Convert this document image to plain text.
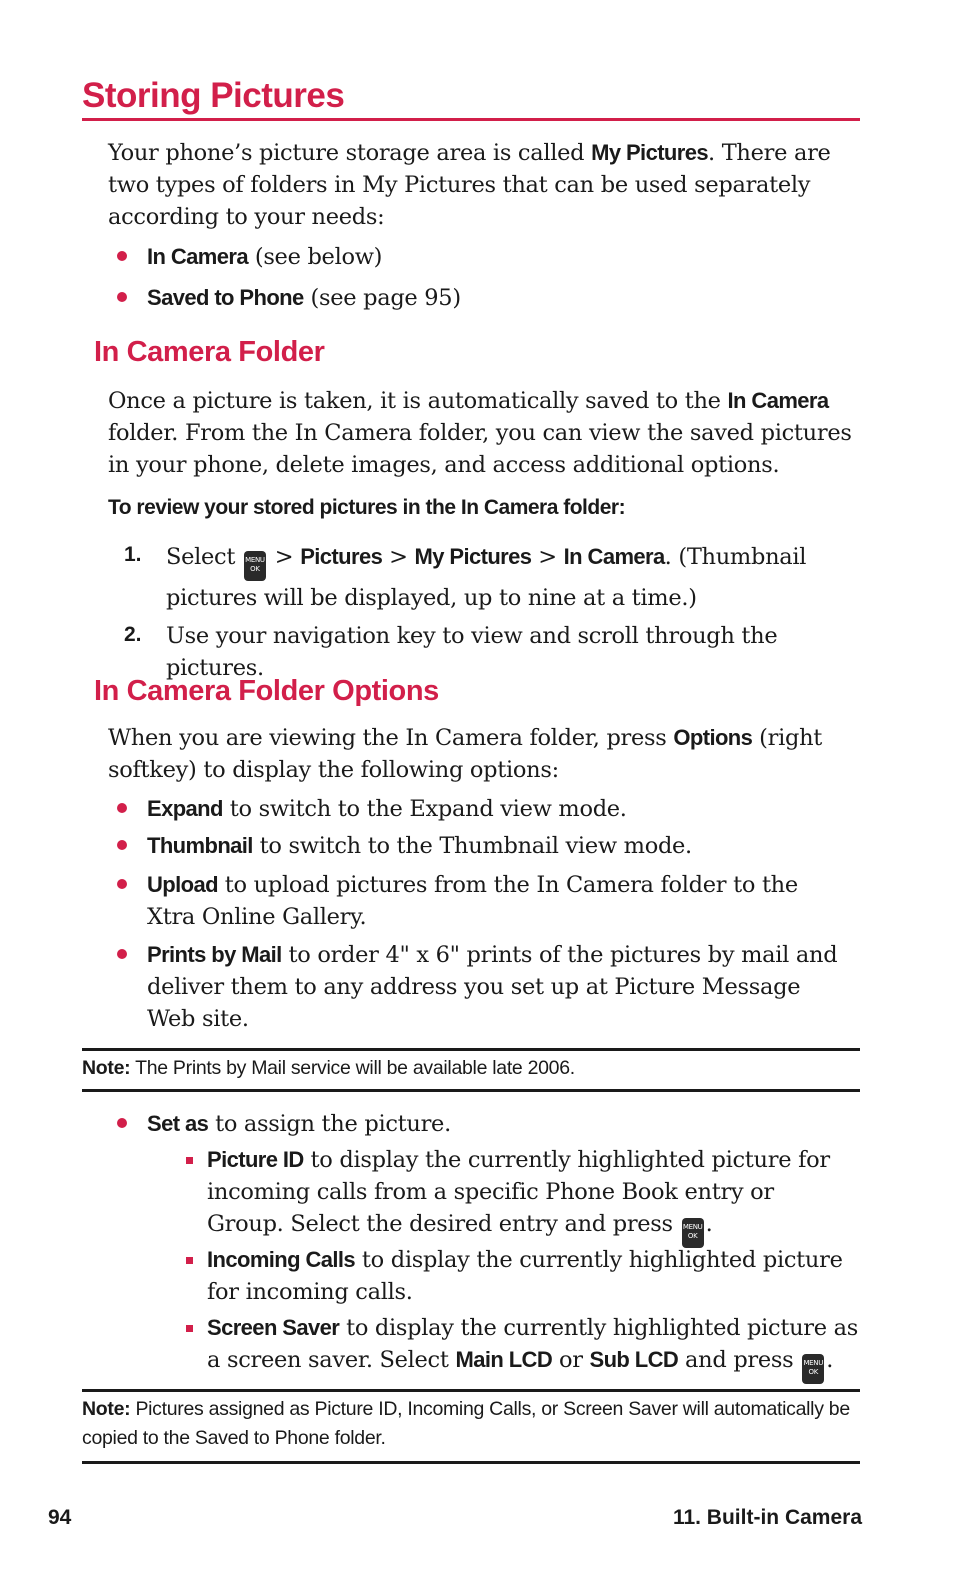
Storing Pictures

Your phone’s picture storage area is called My Pictures. There are two types of folders in My Pictures that can be used separately according to your needs:

In Camera (see below)

Saved to Phone (see page 95)

In Camera Folder

Once a picture is taken, it is automatically saved to the In Camera folder. From the In Camera folder, you can view the saved pictures in your phone, delete images, and access additional options.

To review your stored pictures in the In Camera folder:

1. Select MENU
OK > Pictures > My Pictures > In Camera. (Thumbnail pictures will be displayed, up to nine at a time.)

2. Use your navigation key to view and scroll through the pictures.

In Camera Folder Options

When you are viewing the In Camera folder, press Options (right softkey) to display the following options:

Expand to switch to the Expand view mode.

Thumbnail to switch to the Thumbnail view mode.

Upload to upload pictures from the In Camera folder to the Xtra Online Gallery.

Prints by Mail to order 4" x 6" prints of the pictures by mail and deliver them to any address you set up at Picture Message Web site.

Note: The Prints by Mail service will be available late 2006.

Set as to assign the picture.

Picture ID to display the currently highlighted picture for incoming calls from a specific Phone Book entry or Group. Select the desired entry and press MENU
OK .

Incoming Calls to display the currently highlighted picture for incoming calls.

Screen Saver to display the currently highlighted picture as a screen saver. Select Main LCD or Sub LCD and press MENU
OK .

Note: Pictures assigned as Picture ID, Incoming Calls, or Screen Saver will automatically be copied to the Saved to Phone folder.

94	11. Built-in Camera
